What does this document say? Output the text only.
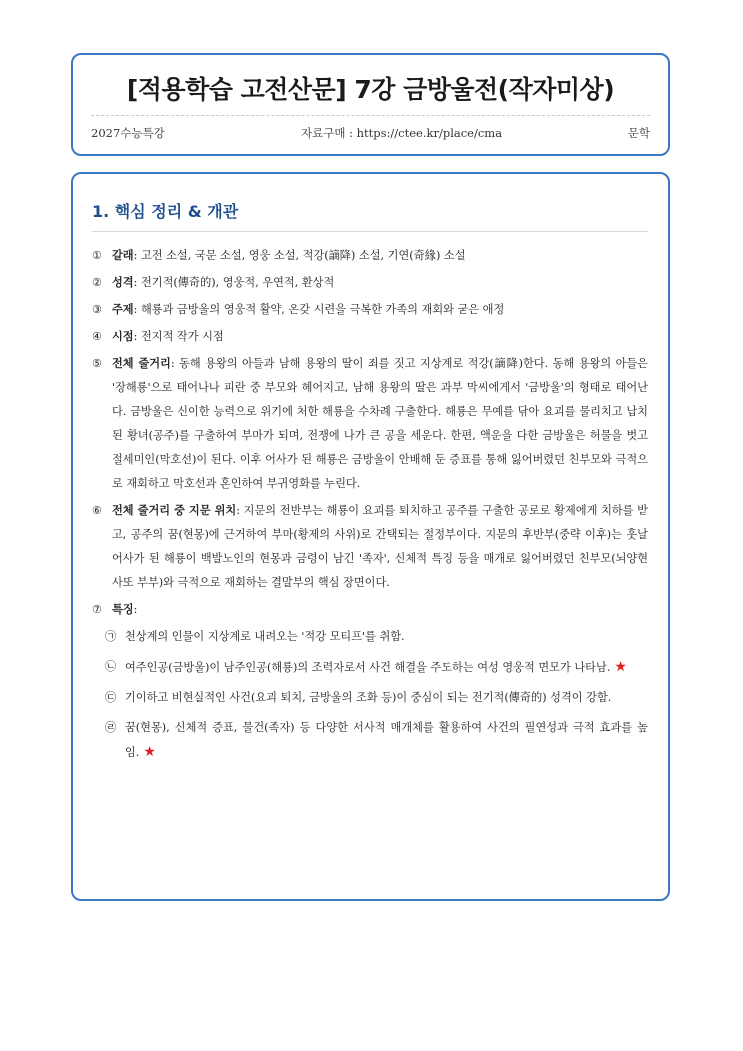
[적용학습 고전산문] 7강 금방울전(작자미상)
2027수능특강	자료구매 : https://ctee.kr/place/cma	문학
1. 핵심 정리 & 개관
① 갈래: 고전 소설, 국문 소설, 영웅 소설, 적강(謫降) 소설, 기연(奇緣) 소설
② 성격: 전기적(傳奇的), 영웅적, 우연적, 환상적
③ 주제: 해룡과 금방울의 영웅적 활약, 온갖 시련을 극복한 가족의 재회와 굳은 애정
④ 시점: 전지적 작가 시점
⑤ 전체 줄거리: 동해 용왕의 아들과 남해 용왕의 딸이 죄를 짓고 지상계로 적강(謫降)한다. 동해 용왕의 아들은 '장해룡'으로 태어나나 피란 중 부모와 헤어지고, 남해 용왕의 딸은 과부 막씨에게서 '금방울'의 형태로 태어난다. 금방울은 신이한 능력으로 위기에 처한 해룡을 수차례 구출한다. 해룡은 무예를 닦아 요괴를 물리치고 납치된 황녀(공주)를 구출하여 부마가 되며, 전쟁에 나가 큰 공을 세운다. 한편, 액운을 다한 금방울은 허물을 벗고 절세미인(막호선)이 된다. 이후 어사가 된 해룡은 금방울이 안배해 둔 증표를 통해 잃어버렸던 친부모와 극적으로 재회하고 막호선과 혼인하여 부귀영화를 누린다.
⑥ 전체 줄거리 중 지문 위치: 지문의 전반부는 해룡이 요괴를 퇴치하고 공주를 구출한 공로로 황제에게 치하를 받고, 공주의 꿈(현몽)에 근거하여 부마(황제의 사위)로 간택되는 절정부이다. 지문의 후반부(중략 이후)는 훗날 어사가 된 해룡이 백발노인의 현몽과 금령이 남긴 '족자', 신체적 특징 등을 매개로 잃어버렸던 친부모(뇌양현 사또 부부)와 극적으로 재회하는 결말부의 핵심 장면이다.
⑦ 특징:
㉠ 천상계의 인물이 지상계로 내려오는 '적강 모티프'를 취함.
㉡ 여주인공(금방울)이 남주인공(해룡)의 조력자로서 사건 해결을 주도하는 여성 영웅적 면모가 나타남. ★
㉢ 기이하고 비현실적인 사건(요괴 퇴치, 금방울의 조화 등)이 중심이 되는 전기적(傳奇的) 성격이 강함.
㉣ 꿈(현몽), 신체적 증표, 물건(족자) 등 다양한 서사적 매개체를 활용하여 사건의 필연성과 극적 효과를 높임. ★
